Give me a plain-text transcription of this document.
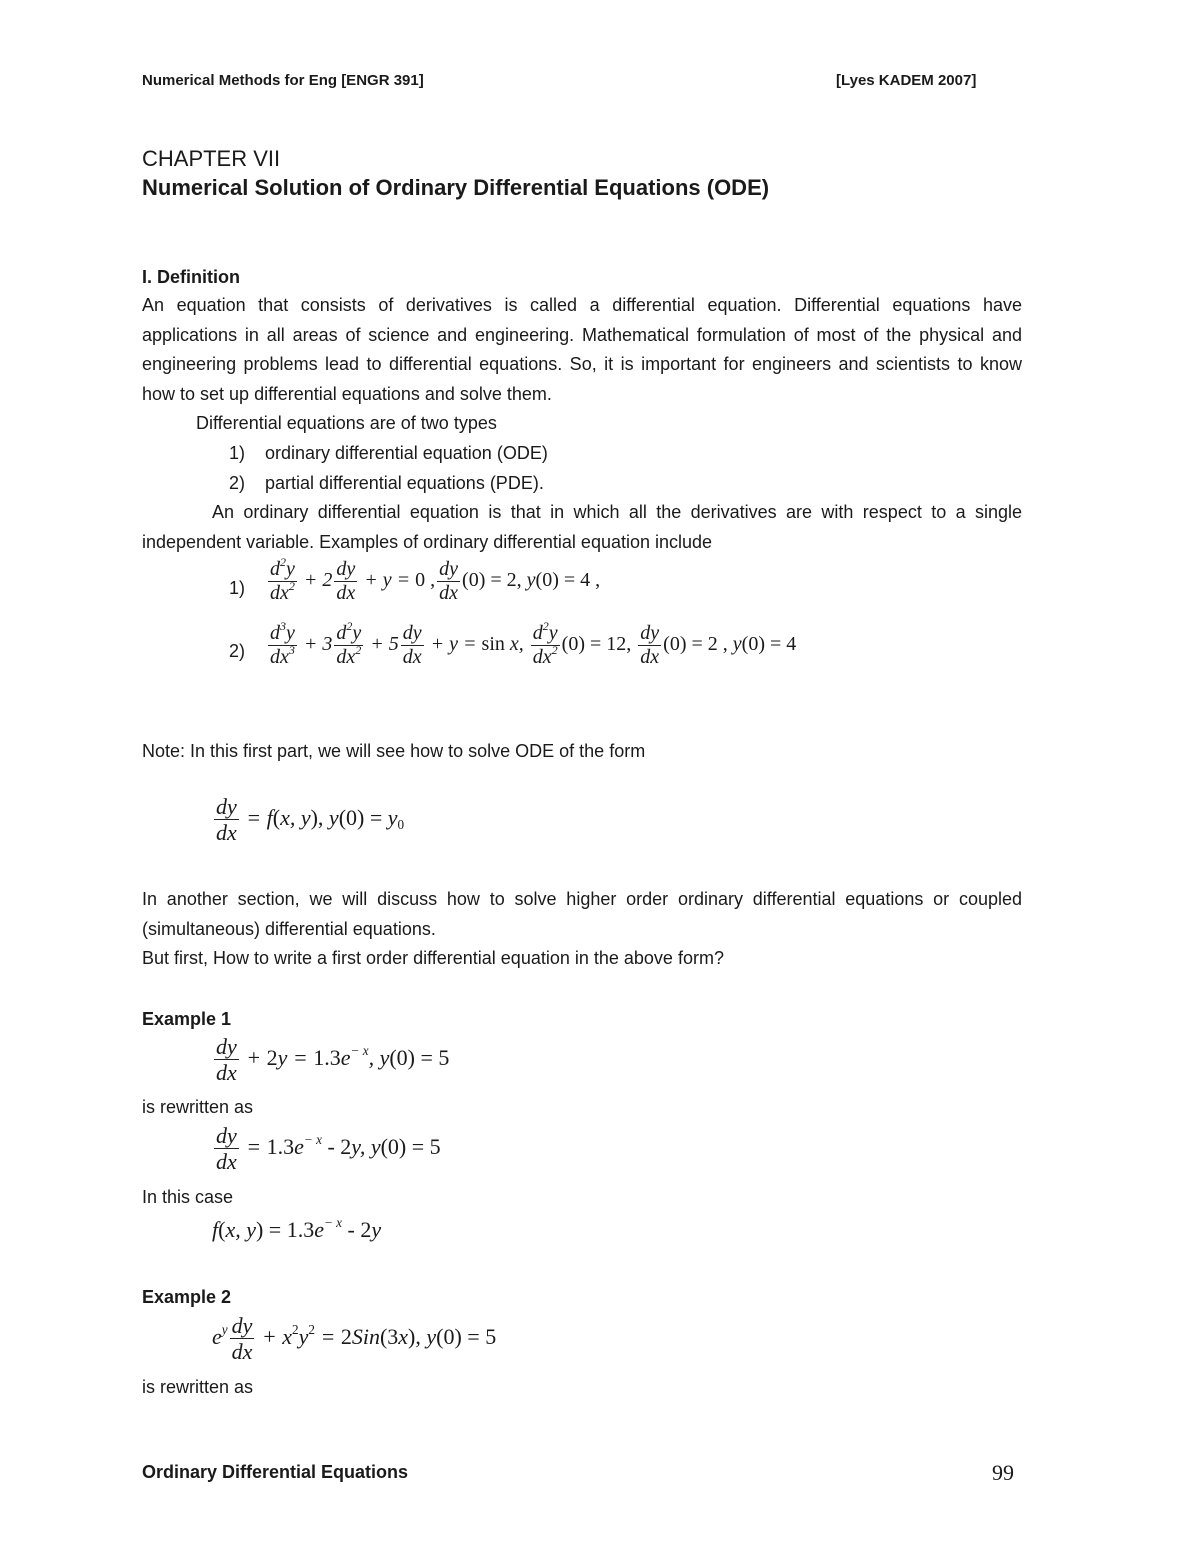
Numerical Methods for Eng [ENGR 391]	[Lyes KADEM 2007]
CHAPTER VII
Numerical Solution of Ordinary Differential Equations (ODE)
I. Definition
An equation that consists of derivatives is called a differential equation. Differential equations have applications in all areas of science and engineering. Mathematical formulation of most of the physical and engineering problems lead to differential equations. So, it is important for engineers and scientists to know how to set up differential equations and solve them.
Differential equations are of two types
1) ordinary differential equation (ODE)
2) partial differential equations (PDE).
An ordinary differential equation is that in which all the derivatives are with respect to a single independent variable. Examples of ordinary differential equation include
$1) \frac{d^2y}{dx^2} + 2 \frac{dy}{dx} + y = 0$ , $\frac{dy}{dx} (0) = 2$, y(0) = 4 ,
$2) \frac{d^3y}{dx^3} + 3 \frac{d^2y}{dx^2} + 5 \frac{dy}{dx} + y = \sin x$, $\frac{d^2y}{dx^2} (0) = 12$, $\frac{dy}{dx} (0) = 2$ , y(0) = 4
Note: In this first part, we will see how to solve ODE of the form
$\frac{dy}{dx} = f(x$, y), $y(0) = y_0$
In another section, we will discuss how to solve higher order ordinary differential equations or coupled (simultaneous) differential equations.
But first, How to write a first order differential equation in the above form?
Example 1
$\frac{dy}{dx} + 2y = 1.3e^{- x}$, y(0) = 5
is rewritten as
$\frac{dy}{dx} = 1.3e^{- x} - 2y$, y(0) = 5
In this case
f(x, $y) = 1.3e^{- x} - 2y$
Example 2
$e^y \frac{dy}{dx} + x^2y^2 = 2Sin(3x)$, y(0) = 5
is rewritten as
Ordinary Differential Equations	99
